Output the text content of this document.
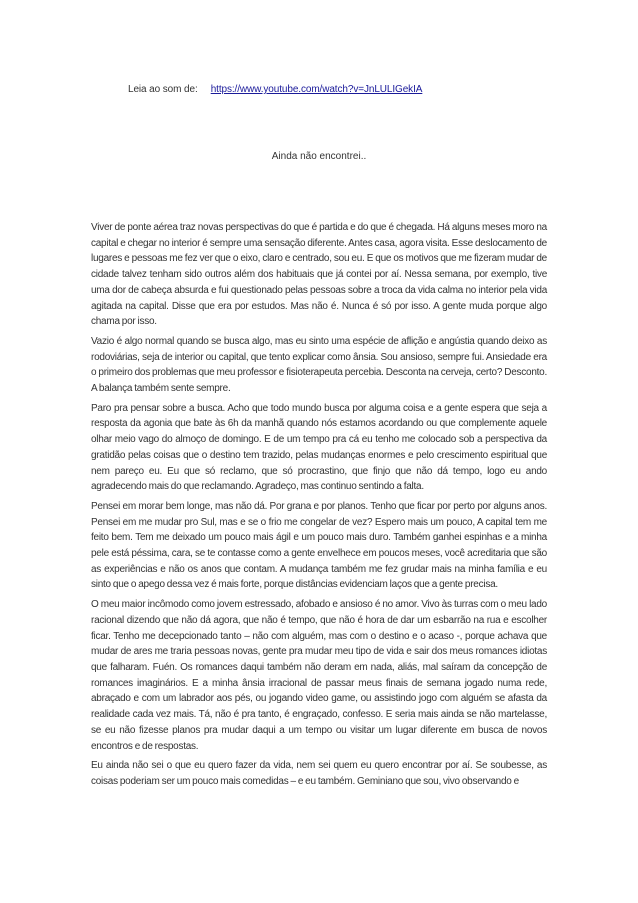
Leia ao som de: https://www.youtube.com/watch?v=JnLULIGekIA
Ainda não encontrei..

Viver de ponte aérea traz novas perspectivas do que é partida e do que é chegada. Há alguns meses moro na capital e chegar no interior é sempre uma sensação diferente. Antes casa, agora visita. Esse deslocamento de lugares e pessoas me fez ver que o eixo, claro e centrado, sou eu. E que os motivos que me fizeram mudar de cidade talvez tenham sido outros além dos habituais que já contei por aí. Nessa semana, por exemplo, tive uma dor de cabeça absurda e fui questionado pelas pessoas sobre a troca da vida calma no interior pela vida agitada na capital. Disse que era por estudos. Mas não é. Nunca é só por isso. A gente muda porque algo chama por isso.

Vazio é algo normal quando se busca algo, mas eu sinto uma espécie de aflição e angústia quando deixo as rodoviárias, seja de interior ou capital, que tento explicar como ânsia. Sou ansioso, sempre fui. Ansiedade era o primeiro dos problemas que meu professor e fisioterapeuta percebia. Desconta na cerveja, certo? Desconto. A balança também sente sempre.

Paro pra pensar sobre a busca. Acho que todo mundo busca por alguma coisa e a gente espera que seja a resposta da agonia que bate às 6h da manhã quando nós estamos acordando ou que complemente aquele olhar meio vago do almoço de domingo. E de um tempo pra cá eu tenho me colocado sob a perspectiva da gratidão pelas coisas que o destino tem trazido, pelas mudanças enormes e pelo crescimento espiritual que nem pareço eu. Eu que só reclamo, que só procrastino, que finjo que não dá tempo, logo eu ando agradecendo mais do que reclamando. Agradeço, mas continuo sentindo a falta.

Pensei em morar bem longe, mas não dá. Por grana e por planos. Tenho que ficar por perto por alguns anos. Pensei em me mudar pro Sul, mas e se o frio me congelar de vez? Espero mais um pouco, A capital tem me feito bem. Tem me deixado um pouco mais ágil e um pouco mais duro. Também ganhei espinhas e a minha pele está péssima, cara, se te contasse como a gente envelhece em poucos meses, você acreditaria que são as experiências e não os anos que contam. A mudança também me fez grudar mais na minha família e eu sinto que o apego dessa vez é mais forte, porque distâncias evidenciam laços que a gente precisa.

O meu maior incômodo como jovem estressado, afobado e ansioso é no amor. Vivo às turras com o meu lado racional dizendo que não dá agora, que não é tempo, que não é hora de dar um esbarrão na rua e escolher ficar. Tenho me decepcionado tanto – não com alguém, mas com o destino e o acaso -, porque achava que mudar de ares me traria pessoas novas, gente pra mudar meu tipo de vida e sair dos meus romances idiotas que falharam. Fuén. Os romances daqui também não deram em nada, aliás, mal saíram da concepção de romances imaginários. E a minha ânsia irracional de passar meus finais de semana jogado numa rede, abraçado e com um labrador aos pés, ou jogando video game, ou assistindo jogo com alguém se afasta da realidade cada vez mais. Tá, não é pra tanto, é engraçado, confesso. E seria mais ainda se não martelasse, se eu não fizesse planos pra mudar daqui a um tempo ou visitar um lugar diferente em busca de novos encontros e de respostas.

Eu ainda não sei o que eu quero fazer da vida, nem sei quem eu quero encontrar por aí. Se soubesse, as coisas poderiam ser um pouco mais comedidas – e eu também. Geminiano que sou, vivo observando e
